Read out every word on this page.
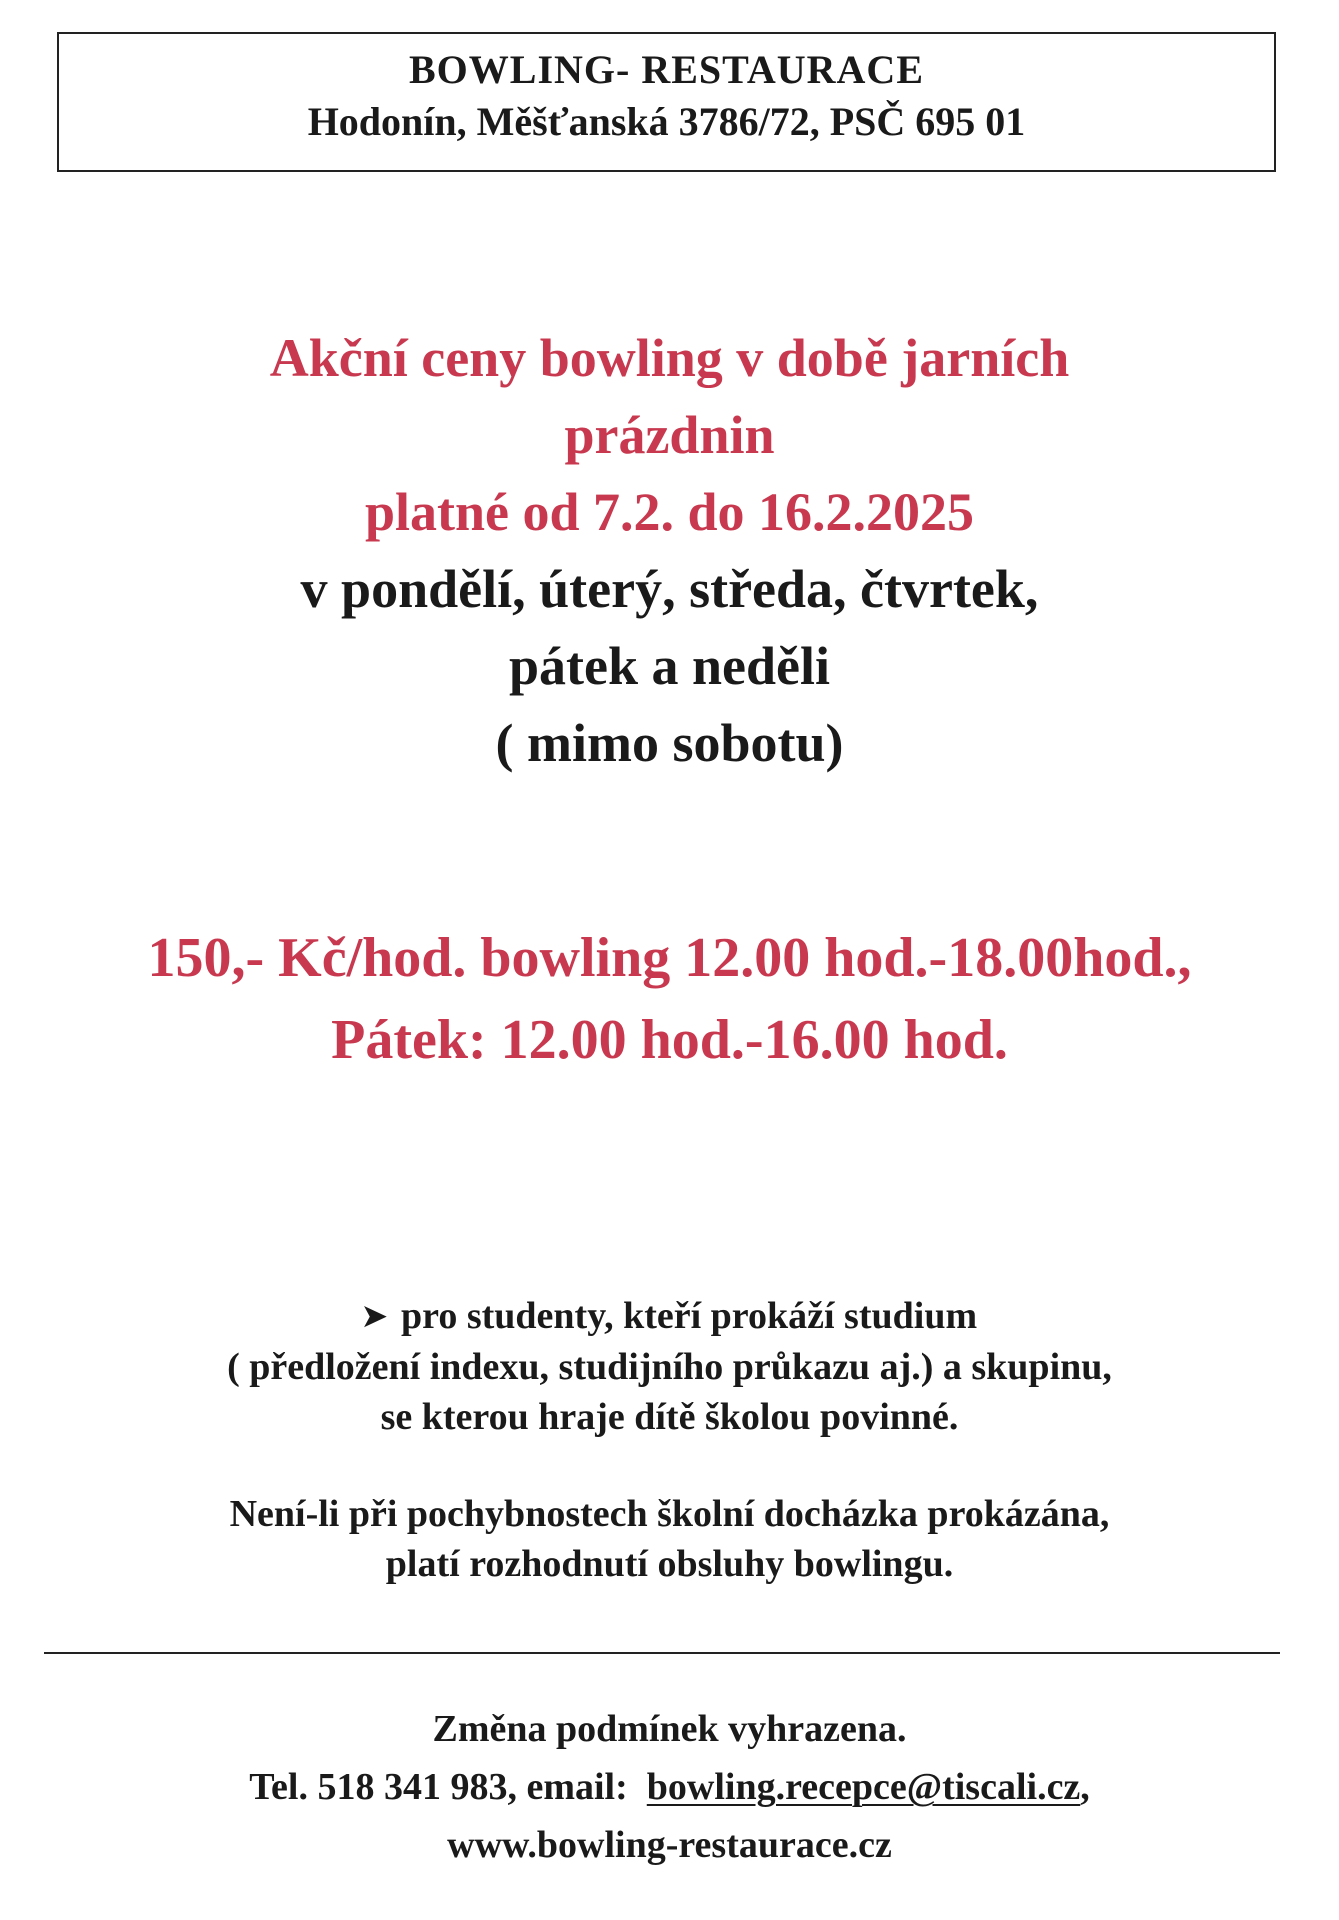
BOWLING- RESTAURACE
Hodonín, Měšťanská 3786/72, PSČ 695 01
Akční ceny bowling v době jarních
prázdnin
platné od 7.2. do 16.2.2025
v pondělí, úterý, středa, čtvrtek,
pátek a neděli
( mimo sobotu)
150,- Kč/hod. bowling 12.00 hod.-18.00hod.,
Pátek: 12.00 hod.-16.00 hod.
➤ pro studenty, kteří prokáží studium
( předložení indexu, studijního průkazu aj.) a skupinu,
se kterou hraje dítě školou povinné.
Není-li při pochybnostech školní docházka prokázána,
platí rozhodnutí obsluhy bowlingu.
Změna podmínek vyhrazena.
Tel. 518 341 983, email: bowling.recepce@tiscali.cz,
www.bowling-restaurace.cz
